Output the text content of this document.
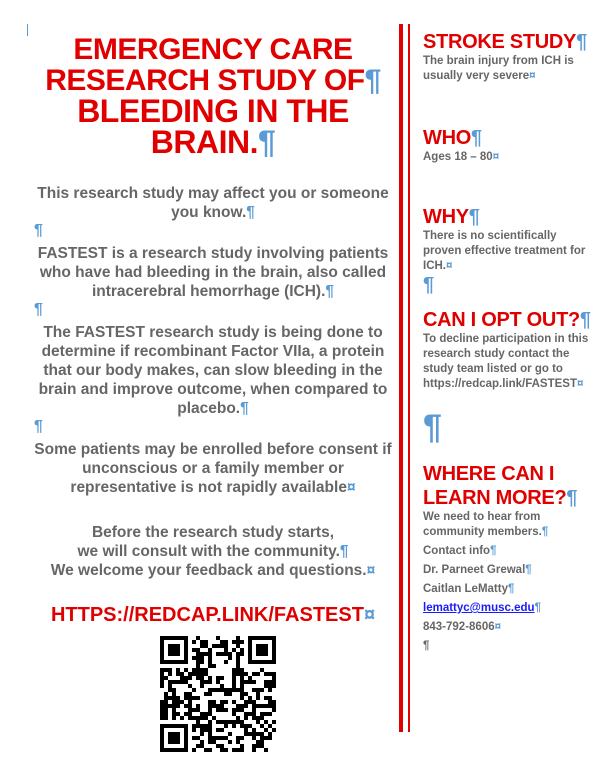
EMERGENCY CARE

RESEARCH STUDY OF¶

BLEEDING IN THE BRAIN.¶

This research study may affect you or someone you know.¶

¶

FASTEST is a research study involving patients who have had bleeding in the brain, also called intracerebral hemorrhage (ICH).¶

¶

The FASTEST research study is being done to determine if recombinant Factor VIIa, a protein that our body makes, can slow bleeding in the brain and improve outcome, when compared to placebo.¶

¶

Some patients may be enrolled before consent if unconscious or a family member or representative is not rapidly available¤

Before the research study starts,
we will consult with the community.¶
We welcome your feedback and questions.¤

HTTPS://REDCAP.LINK/FASTEST¤

STROKE STUDY¶

The brain injury from ICH is usually very severe¤

WHO¶

Ages 18 – 80¤

WHY¶

There is no scientifically proven effective treatment for ICH.¤

¶

CAN I OPT OUT?¶

To decline participation in this research study contact the study team listed or go to https://redcap.link/FASTEST¤

¶

WHERE CAN I LEARN MORE?¶

We need to hear from community members.¶

Contact info¶

Dr. Parneet Grewal¶

Caitlan LeMatty¶

lemattyc@musc.edu¶

843-792-8606¤

¶
